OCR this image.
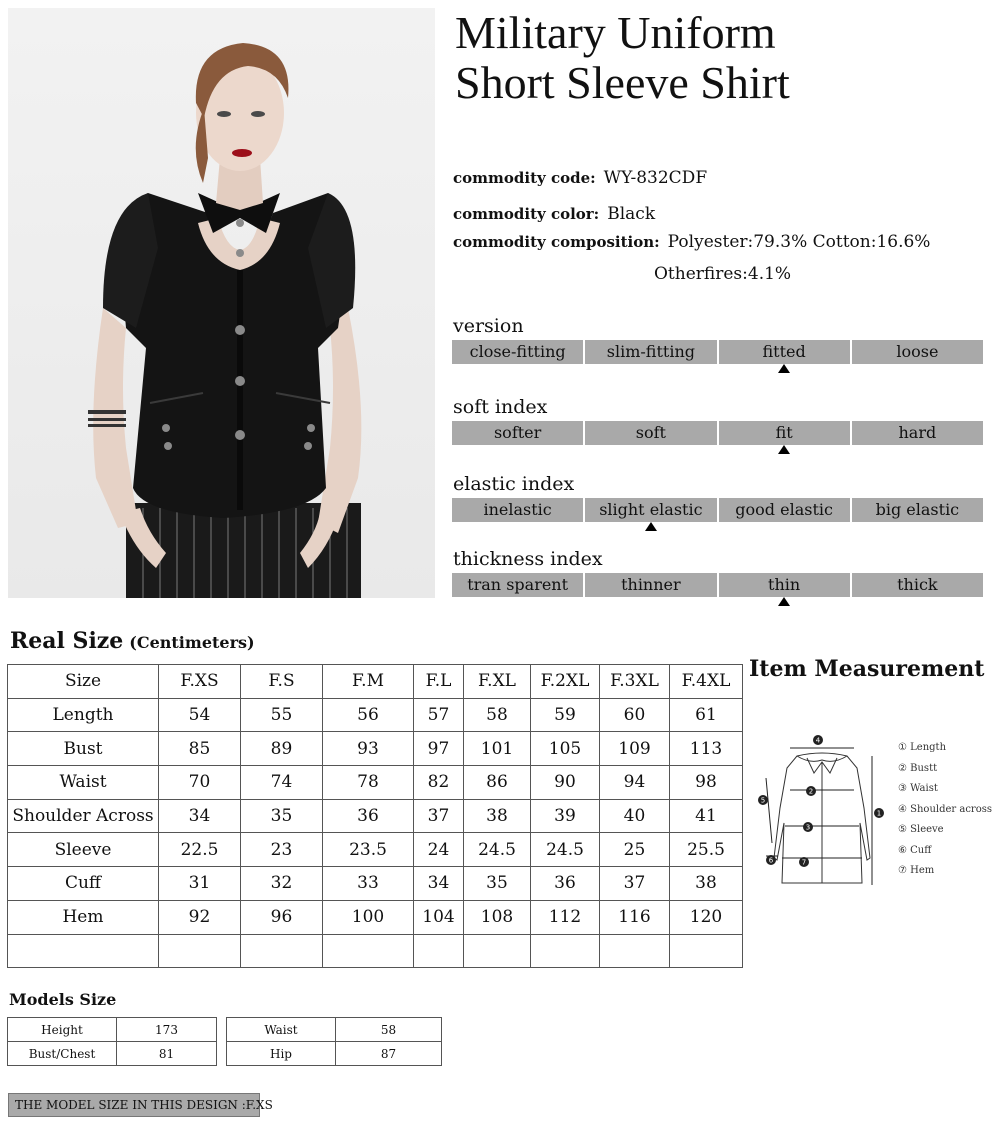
Military Uniform
Short Sleeve Shirt
commodity code: WY-832CDF
commodity color: Black
commodity composition: Polyester:79.3% Cotton:16.6%
Otherfires:4.1%
version
close-fitting	slim-fitting	fitted	loose
soft index
softer	soft	fit	hard
elastic index
inelastic	slight elastic	good elastic	big elastic
thickness index
tran sparent	thinner	thin	thick
Real Size (Centimeters)
Size	F.XS	F.S	F.M	F.L	F.XL	F.2XL	F.3XL	F.4XL
Length	54	55	56	57	58	59	60	61
Bust	85	89	93	97	101	105	109	113
Waist	70	74	78	82	86	90	94	98
Shoulder Across	34	35	36	37	38	39	40	41
Sleeve	22.5	23	23.5	24	24.5	24.5	25	25.5
Cuff	31	32	33	34	35	36	37	38
Hem	92	96	100	104	108	112	116	120

Item Measurement
4
2
3
1
5
6	7
① Length
② Bustt
③ Waist
④ Shoulder across
⑤ Sleeve
⑥ Cuff
⑦ Hem
Models Size
Height	173
Bust/Chest	81
Waist	58
Hip	87
THE MODEL SIZE IN THIS DESIGN :F.XS
